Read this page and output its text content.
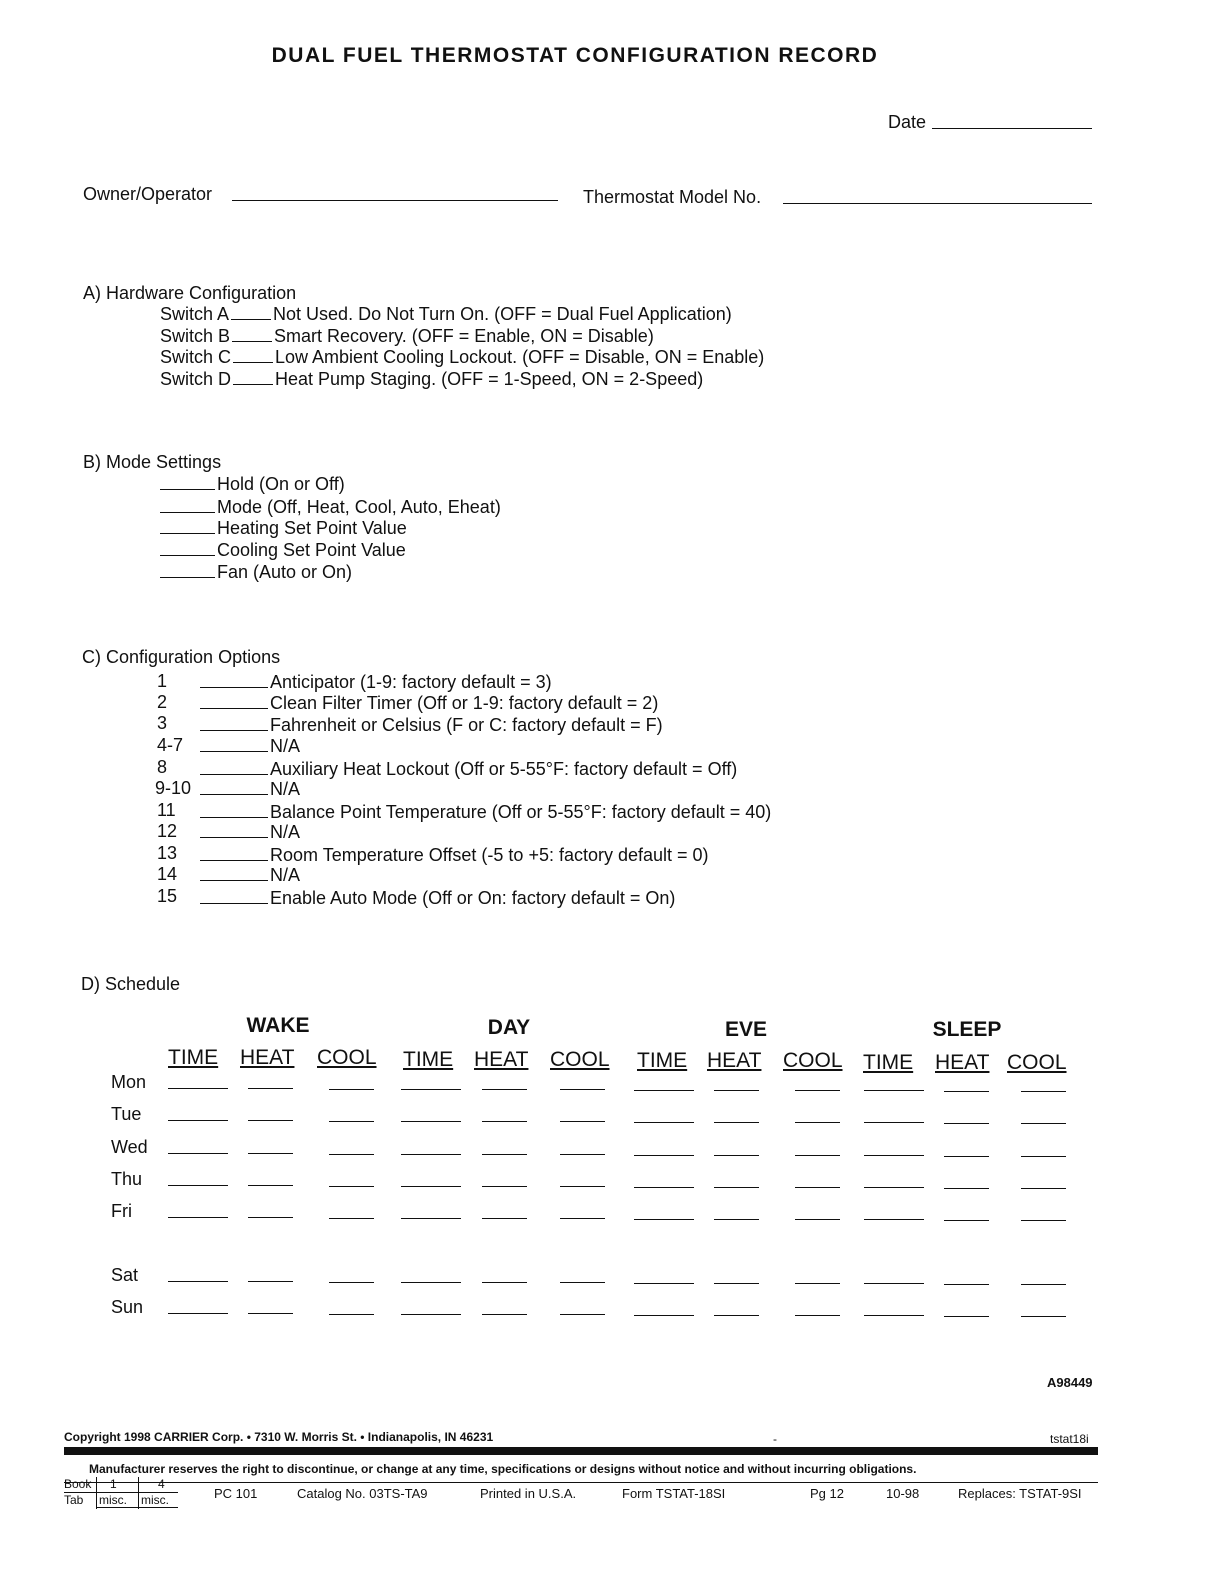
DUAL FUEL THERMOSTAT CONFIGURATION RECORD
Date
Owner/Operator	Thermostat Model No.
A) Hardware Configuration
Switch A Not Used. Do Not Turn On. (OFF = Dual Fuel Application)
Switch B Smart Recovery. (OFF = Enable, ON = Disable)
Switch C Low Ambient Cooling Lockout. (OFF = Disable, ON = Enable)
Switch D Heat Pump Staging. (OFF = 1-Speed, ON = 2-Speed)
B) Mode Settings
Hold (On or Off)
Mode (Off, Heat, Cool, Auto, Eheat)
Heating Set Point Value
Cooling Set Point Value
Fan (Auto or On)
C) Configuration Options
1	Anticipator (1-9: factory default = 3)
2	Clean Filter Timer (Off or 1-9: factory default = 2)
3	Fahrenheit or Celsius (F or C: factory default = F)
4-7	N/A
8	Auxiliary Heat Lockout (Off or 5-55°F: factory default = Off)
9-10	N/A
11	Balance Point Temperature (Off or 5-55°F: factory default = 40)
12	N/A
13	Room Temperature Offset (-5 to +5: factory default = 0)
14	N/A
15	Enable Auto Mode (Off or On: factory default = On)
D) Schedule
WAKE	DAY	EVE	SLEEP
TIME HEAT COOL TIME HEAT COOL TIME HEAT COOL TIME HEAT COOL
Mon
Tue
Wed
Thu
Fri
Sat
Sun
A98449
Copyright 1998 CARRIER Corp. • 7310 W. Morris St. • Indianapolis, IN 46231	-	tstat18i
Manufacturer reserves the right to discontinue, or change at any time, specifications or designs without notice and without incurring obligations.
Book 1	4
Tab misc. misc.	PC 101	Catalog No. 03TS-TA9	Printed in U.S.A.	Form TSTAT-18SI	Pg 12	10-98	Replaces: TSTAT-9SI
